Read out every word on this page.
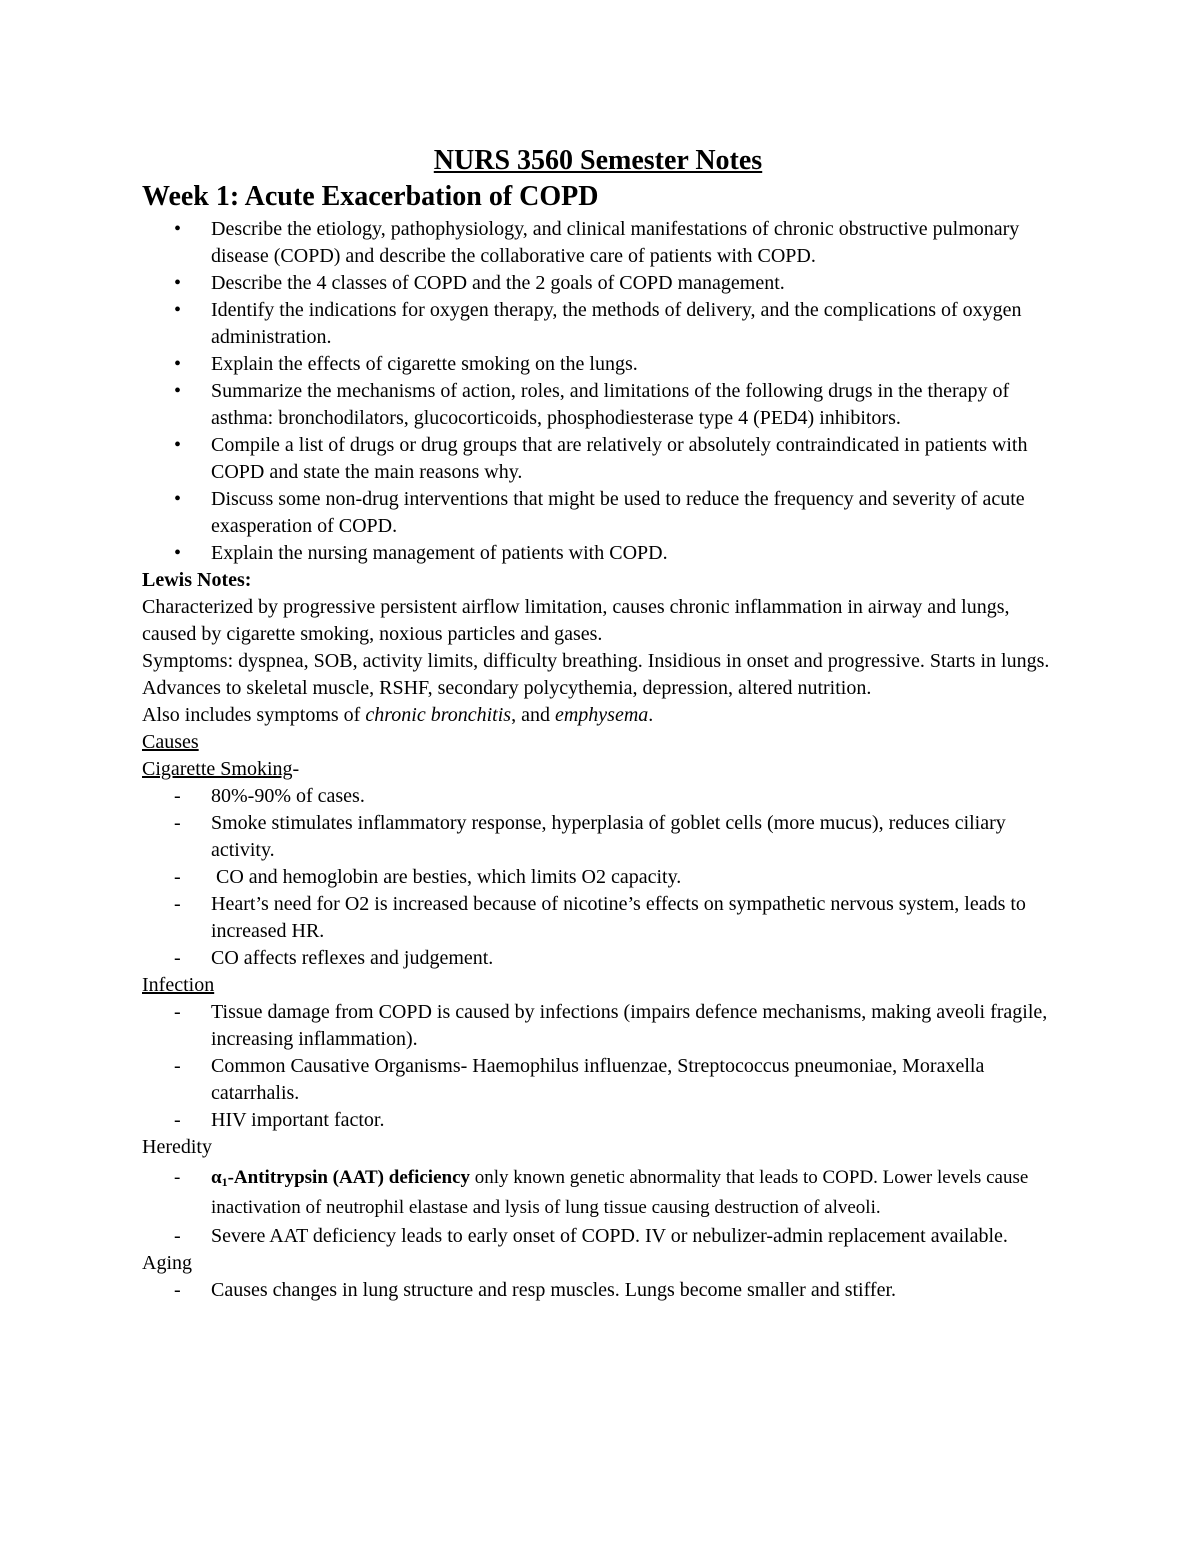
NURS 3560 Semester Notes
Week 1: Acute Exacerbation of COPD
• Describe the etiology, pathophysiology, and clinical manifestations of chronic obstructive pulmonary disease (COPD) and describe the collaborative care of patients with COPD.
• Describe the 4 classes of COPD and the 2 goals of COPD management.
• Identify the indications for oxygen therapy, the methods of delivery, and the complications of oxygen administration.
• Explain the effects of cigarette smoking on the lungs.
• Summarize the mechanisms of action, roles, and limitations of the following drugs in the therapy of asthma: bronchodilators, glucocorticoids, phosphodiesterase type 4 (PED4) inhibitors.
• Compile a list of drugs or drug groups that are relatively or absolutely contraindicated in patients with COPD and state the main reasons why.
• Discuss some non-drug interventions that might be used to reduce the frequency and severity of acute exasperation of COPD.
• Explain the nursing management of patients with COPD.

Lewis Notes:

Characterized by progressive persistent airflow limitation, causes chronic inflammation in airway and lungs, caused by cigarette smoking, noxious particles and gases.

Symptoms: dyspnea, SOB, activity limits, difficulty breathing. Insidious in onset and progressive. Starts in lungs. Advances to skeletal muscle, RSHF, secondary polycythemia, depression, altered nutrition.

Also includes symptoms of chronic bronchitis, and emphysema.

Causes

Cigarette Smoking-

- 80%-90% of cases.
- Smoke stimulates inflammatory response, hyperplasia of goblet cells (more mucus), reduces ciliary activity.
- CO and hemoglobin are besties, which limits O2 capacity.
- Heart’s need for O2 is increased because of nicotine’s effects on sympathetic nervous system, leads to increased HR.
- CO affects reflexes and judgement.

Infection

- Tissue damage from COPD is caused by infections (impairs defence mechanisms, making aveoli fragile, increasing inflammation).
- Common Causative Organisms- Haemophilus influenzae, Streptococcus pneumoniae, Moraxella catarrhalis.
- HIV important factor.

Heredity

- $\alpha_1$-Antitrypsin (AAT) deficiency only known genetic abnormality that leads to COPD. Lower levels cause inactivation of neutrophil elastase and lysis of lung tissue causing destruction of alveoli.
- Severe AAT deficiency leads to early onset of COPD. IV or nebulizer-admin replacement available.

Aging

- Causes changes in lung structure and resp muscles. Lungs become smaller and stiffer.
